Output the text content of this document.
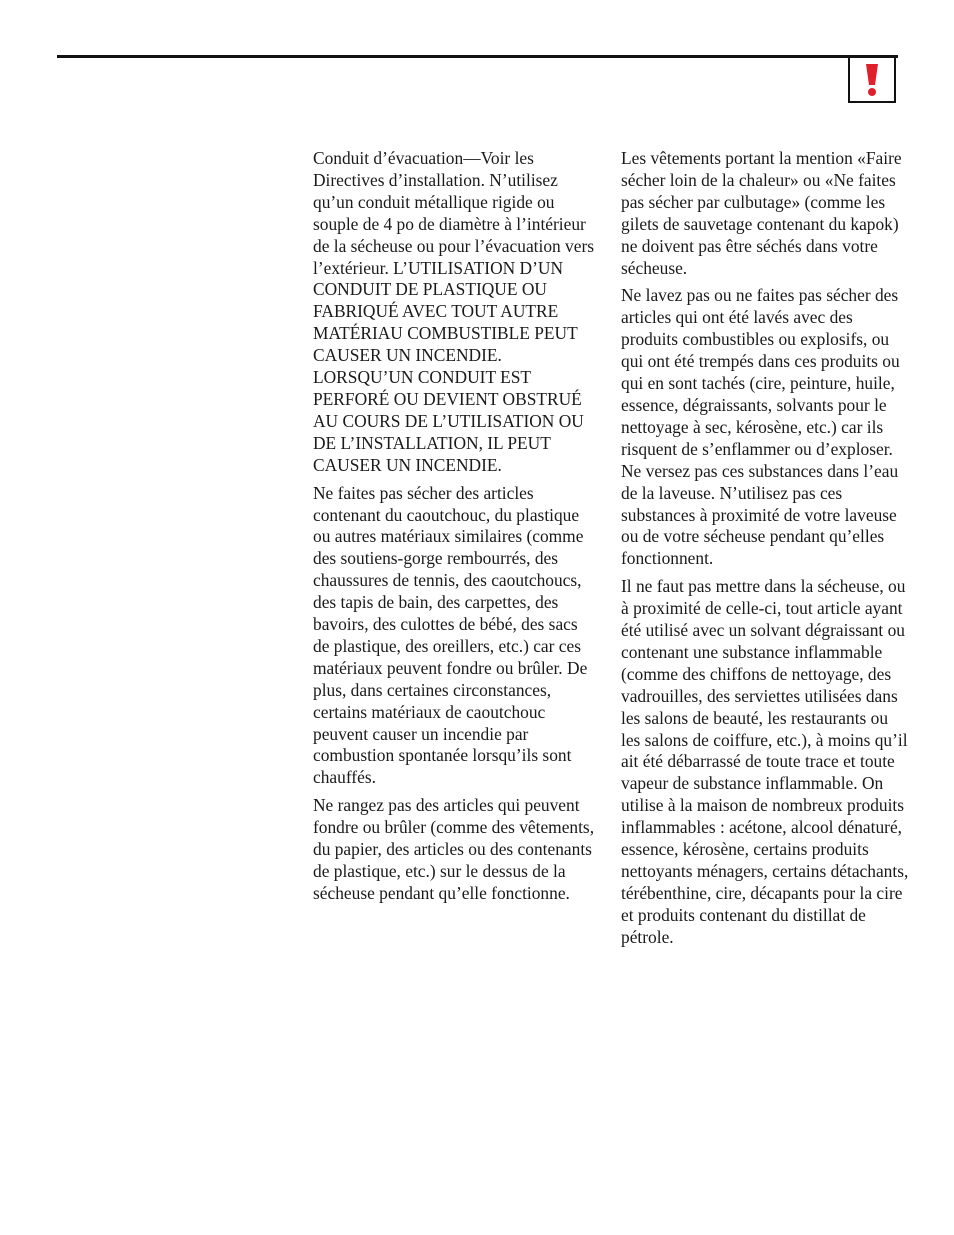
Conduit d’évacuation—Voir les Directives d’installation. N’utilisez qu’un conduit métallique rigide ou souple de 4 po de diamètre à l’intérieur de la sécheuse ou pour l’évacuation vers l’extérieur. L’UTILISATION D’UN CONDUIT DE PLASTIQUE OU FABRIQUÉ AVEC TOUT AUTRE MATÉRIAU COMBUSTIBLE PEUT CAUSER UN INCENDIE. LORSQU’UN CONDUIT EST PERFORÉ OU DEVIENT OBSTRUÉ AU COURS DE L’UTILISATION OU DE L’INSTALLATION, IL PEUT CAUSER UN INCENDIE.

Ne faites pas sécher des articles contenant du caoutchouc, du plastique ou autres matériaux similaires (comme des soutiens-gorge rembourrés, des chaussures de tennis, des caoutchoucs, des tapis de bain, des carpettes, des bavoirs, des culottes de bébé, des sacs de plastique, des oreillers, etc.) car ces matériaux peuvent fondre ou brûler. De plus, dans certaines circonstances, certains matériaux de caoutchouc peuvent causer un incendie par combustion spontanée lorsqu’ils sont chauffés.

Ne rangez pas des articles qui peuvent fondre ou brûler (comme des vêtements, du papier, des articles ou des contenants de plastique, etc.) sur le dessus de la sécheuse pendant qu’elle fonctionne.

Les vêtements portant la mention «Faire sécher loin de la chaleur» ou «Ne faites pas sécher par culbutage» (comme les gilets de sauvetage contenant du kapok) ne doivent pas être séchés dans votre sécheuse.

Ne lavez pas ou ne faites pas sécher des articles qui ont été lavés avec des produits combustibles ou explosifs, ou qui ont été trempés dans ces produits ou qui en sont tachés (cire, peinture, huile, essence, dégraissants, solvants pour le nettoyage à sec, kérosène, etc.) car ils risquent de s’enflammer ou d’exploser. Ne versez pas ces substances dans l’eau de la laveuse. N’utilisez pas ces substances à proximité de votre laveuse ou de votre sécheuse pendant qu’elles fonctionnent.

Il ne faut pas mettre dans la sécheuse, ou à proximité de celle-ci, tout article ayant été utilisé avec un solvant dégraissant ou contenant une substance inflammable (comme des chiffons de nettoyage, des vadrouilles, des serviettes utilisées dans les salons de beauté, les restaurants ou les salons de coiffure, etc.), à moins qu’il ait été débarrassé de toute trace et toute vapeur de substance inflammable. On utilise à la maison de nombreux produits inflammables : acétone, alcool dénaturé, essence, kérosène, certains produits nettoyants ménagers, certains détachants, térébenthine, cire, décapants pour la cire et produits contenant du distillat de pétrole.
